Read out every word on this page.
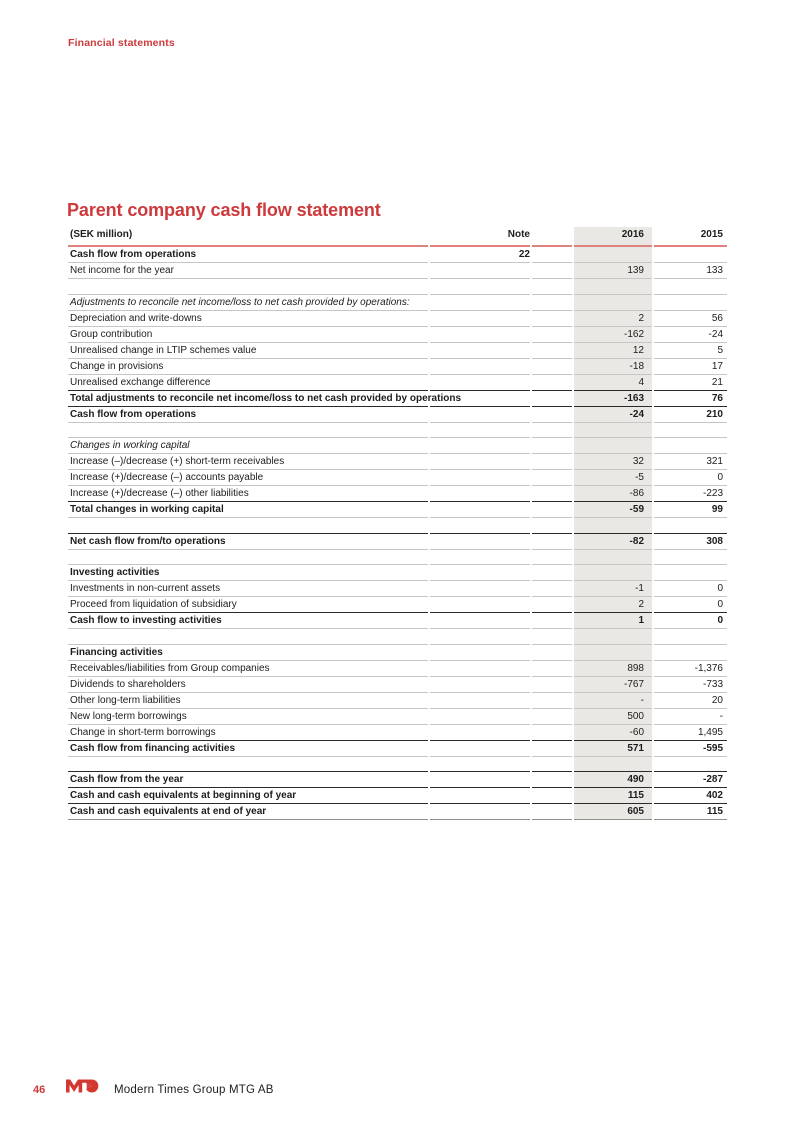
Financial statements
Parent company cash flow statement
(SEK million)	Note		2016	2015
Cash flow from operations	22			
Net income for the year			139	133

Adjustments to reconcile net income/loss to net cash provided by operations:				
Depreciation and write-downs			2	56
Group contribution			-162	-24
Unrealised change in LTIP schemes value			12	5
Change in provisions			-18	17
Unrealised exchange difference			4	21
Total adjustments to reconcile net income/loss to net cash provided by operations			-163	76
Cash flow from operations			-24	210

Changes in working capital				
Increase (–)/decrease (+) short-term receivables			32	321
Increase (+)/decrease (–) accounts payable			-5	0
Increase (+)/decrease (–) other liabilities			-86	-223
Total changes in working capital			-59	99

Net cash flow from/to operations			-82	308

Investing activities				
Investments in non-current assets			-1	0
Proceed from liquidation of subsidiary			2	0
Cash flow to investing activities			1	0

Financing activities				
Receivables/liabilities from Group companies			898	-1,376
Dividends to shareholders			-767	-733
Other long-term liabilities			-	20
New long-term borrowings			500	-
Change in short-term borrowings			-60	1,495
Cash flow from financing activities			571	-595

Cash flow from the year			490	-287
Cash and cash equivalents at beginning of year			115	402
Cash and cash equivalents at end of year			605	115
46	Modern Times Group MTG AB
